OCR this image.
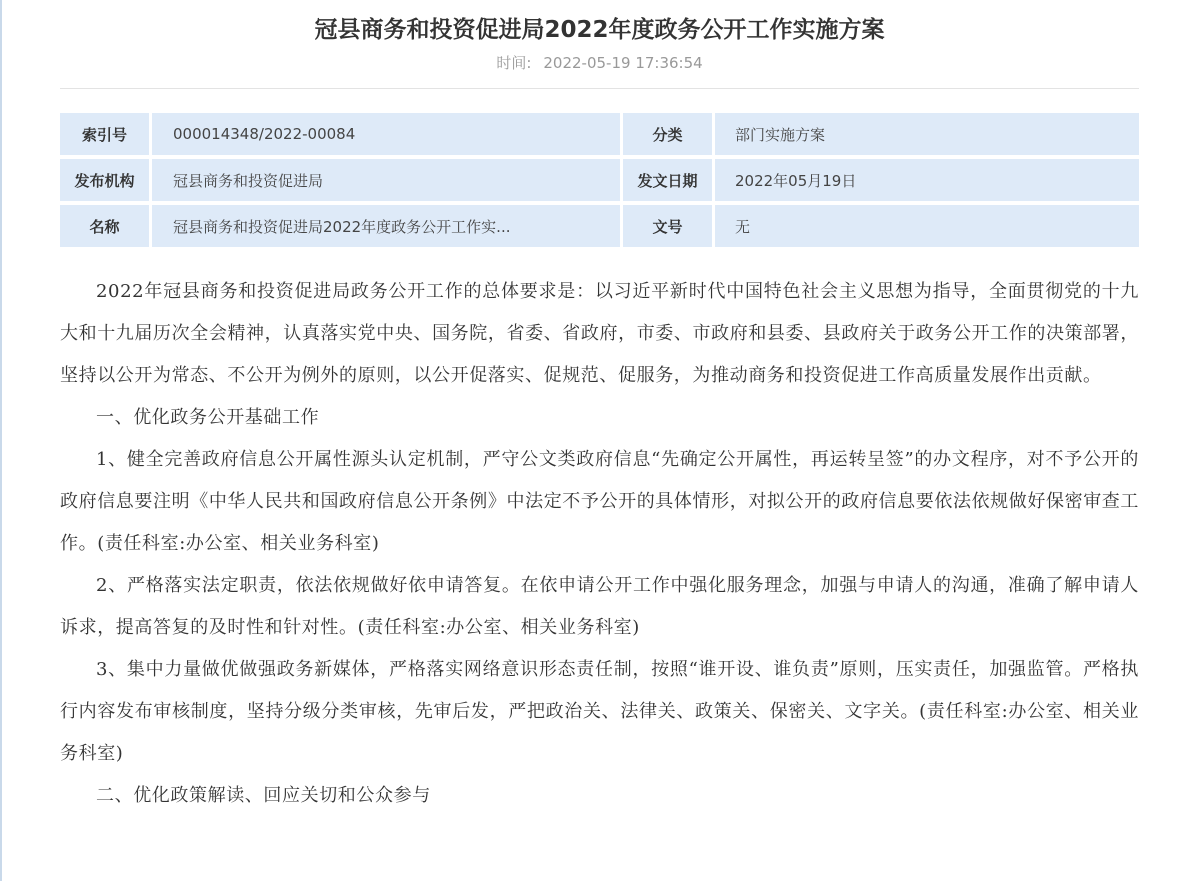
冠县商务和投资促进局2022年度政务公开工作实施方案
时间: 2022-05-19 17:36:54
索引号	000014348/2022-00084	分类	部门实施方案
发布机构	冠县商务和投资促进局	发文日期	2022年05月19日
名称	冠县商务和投资促进局2022年度政务公开工作实...	文号	无

2022年冠县商务和投资促进局政务公开工作的总体要求是：以习近平新时代中国特色社会主义思想为指导，全面贯彻党的十九大和十九届历次全会精神，认真落实党中央、国务院，省委、省政府，市委、市政府和县委、县政府关于政务公开工作的决策部署，坚持以公开为常态、不公开为例外的原则，以公开促落实、促规范、促服务，为推动商务和投资促进工作高质量发展作出贡献。

一、优化政务公开基础工作

1、健全完善政府信息公开属性源头认定机制，严守公文类政府信息“先确定公开属性，再运转呈签”的办文程序，对不予公开的政府信息要注明《中华人民共和国政府信息公开条例》中法定不予公开的具体情形，对拟公开的政府信息要依法依规做好保密审查工作。(责任科室:办公室、相关业务科室)

2、严格落实法定职责，依法依规做好依申请答复。在依申请公开工作中强化服务理念，加强与申请人的沟通，准确了解申请人诉求，提高答复的及时性和针对性。(责任科室:办公室、相关业务科室)

3、集中力量做优做强政务新媒体，严格落实网络意识形态责任制，按照“谁开设、谁负责”原则，压实责任，加强监管。严格执行内容发布审核制度，坚持分级分类审核，先审后发，严把政治关、法律关、政策关、保密关、文字关。(责任科室:办公室、相关业务科室)

二、优化政策解读、回应关切和公众参与
